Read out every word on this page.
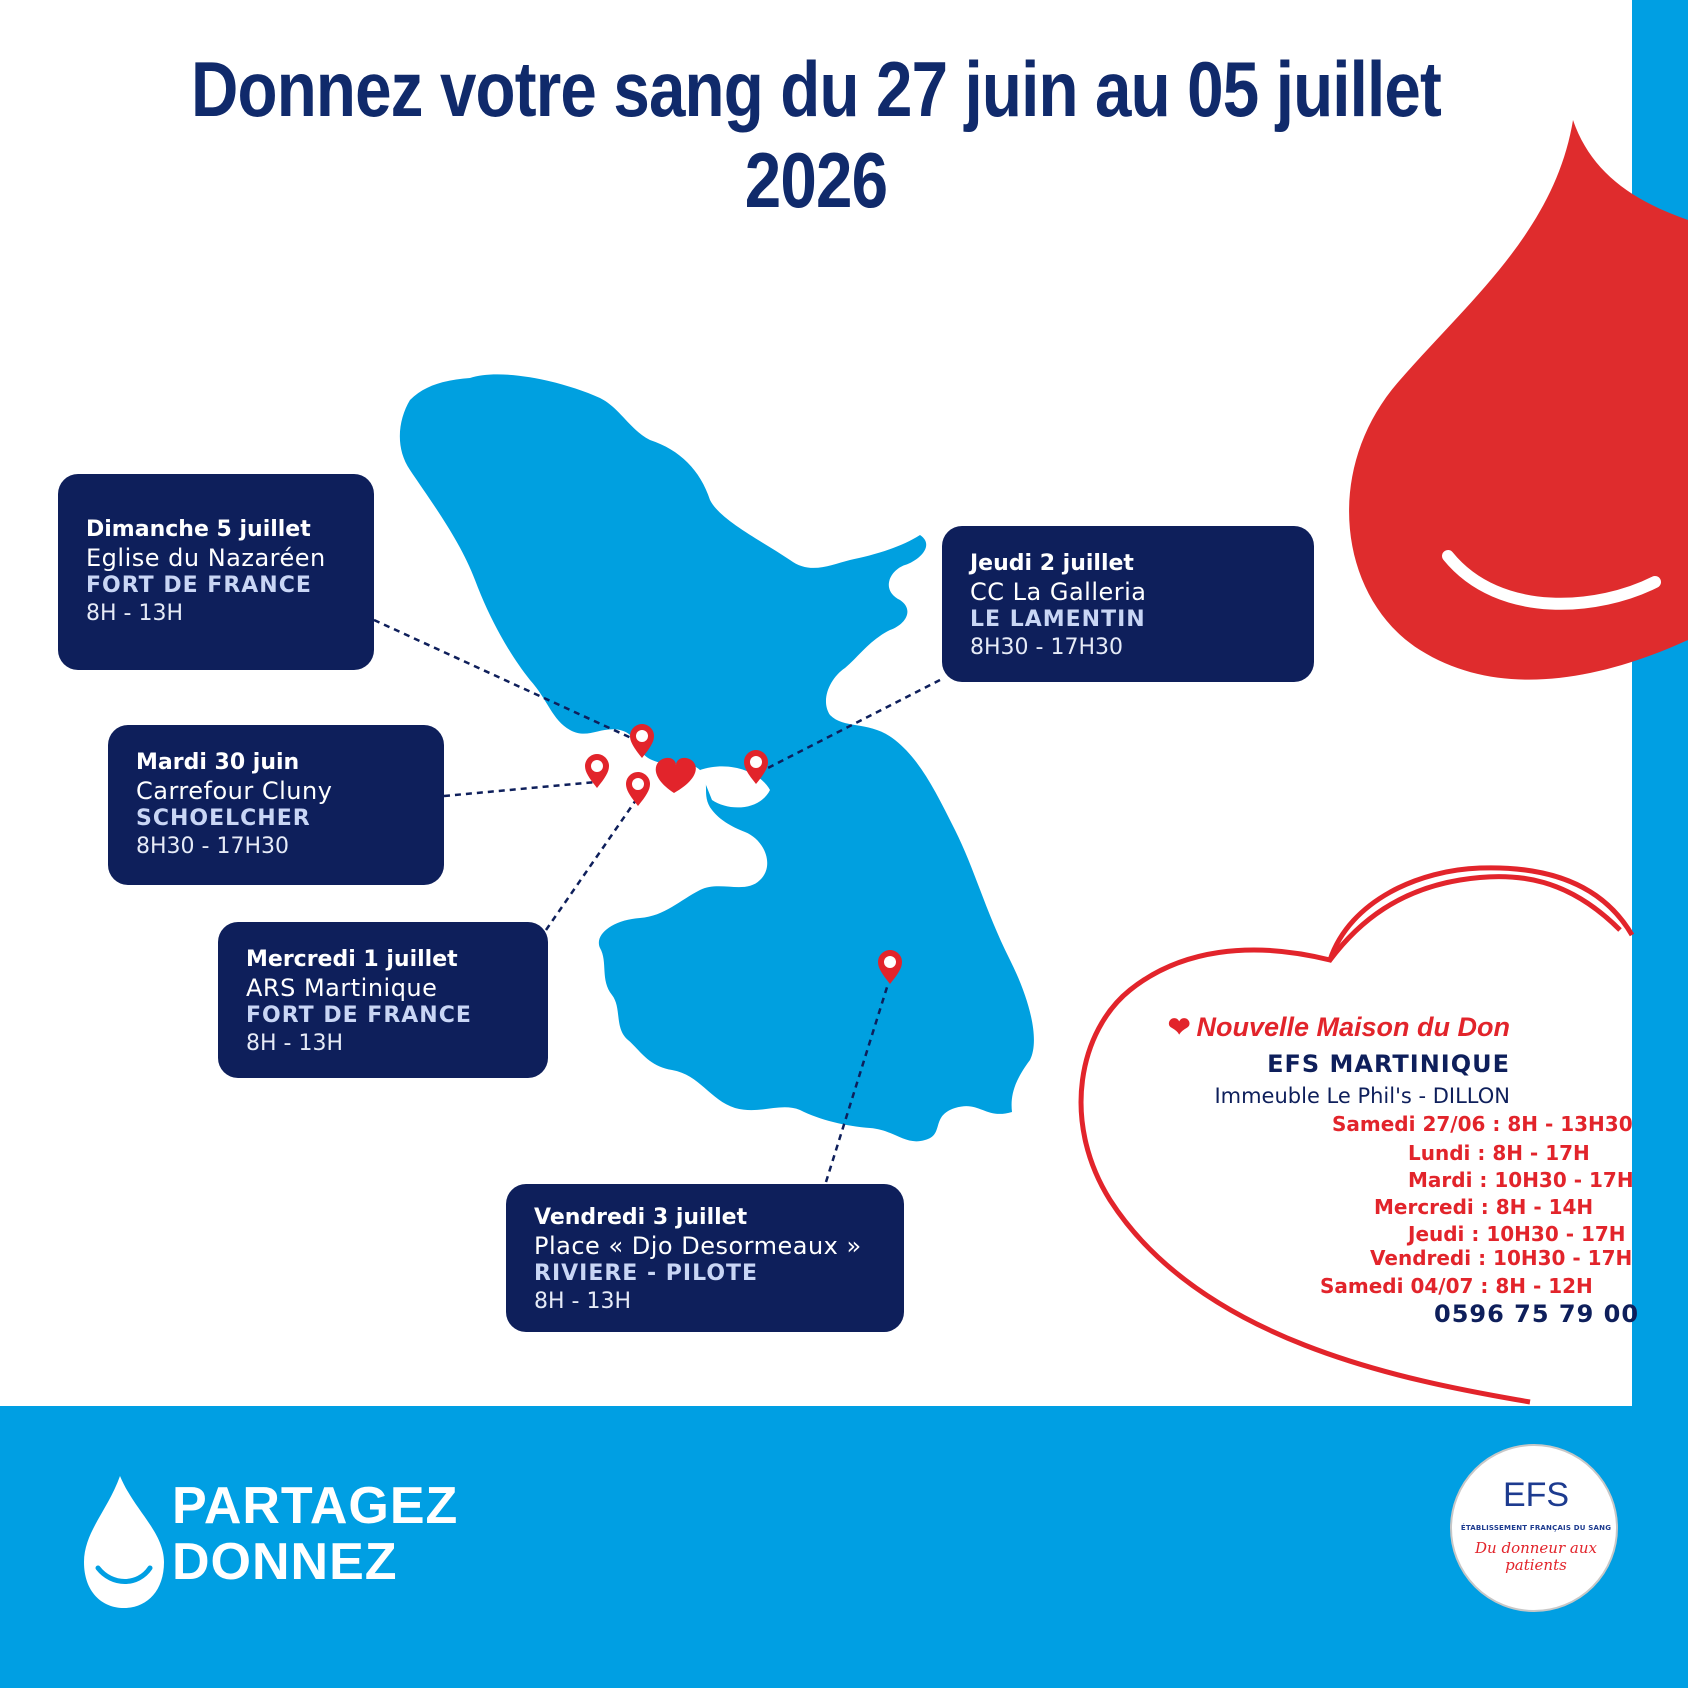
Donnez votre sang du 27 juin au 05 juillet 2026
Dimanche 5 juillet
Eglise du Nazaréen
FORT DE FRANCE
8H - 13H
Mardi 30 juin
Carrefour Cluny
SCHOELCHER
8H30 - 17H30
Mercredi 1 juillet
ARS Martinique
FORT DE FRANCE
8H - 13H
Jeudi 2 juillet
CC La Galleria
LE LAMENTIN
8H30 - 17H30
Vendredi 3 juillet
Place « Djo Desormeaux »
RIVIERE - PILOTE
8H - 13H
❤ Nouvelle Maison du Don
EFS MARTINIQUE
Immeuble Le Phil's - DILLON
Samedi 27/06 : 8H - 13H30
Lundi : 8H - 17H
Mardi : 10H30 - 17H
Mercredi : 8H - 14H
Jeudi : 10H30 - 17H
Vendredi : 10H30 - 17H
Samedi 04/07 : 8H - 12H
0596 75 79 00
PARTAGEZ
DONNEZ
EFS
ÉTABLISSEMENT FRANÇAIS DU SANG
Du donneur aux patients
